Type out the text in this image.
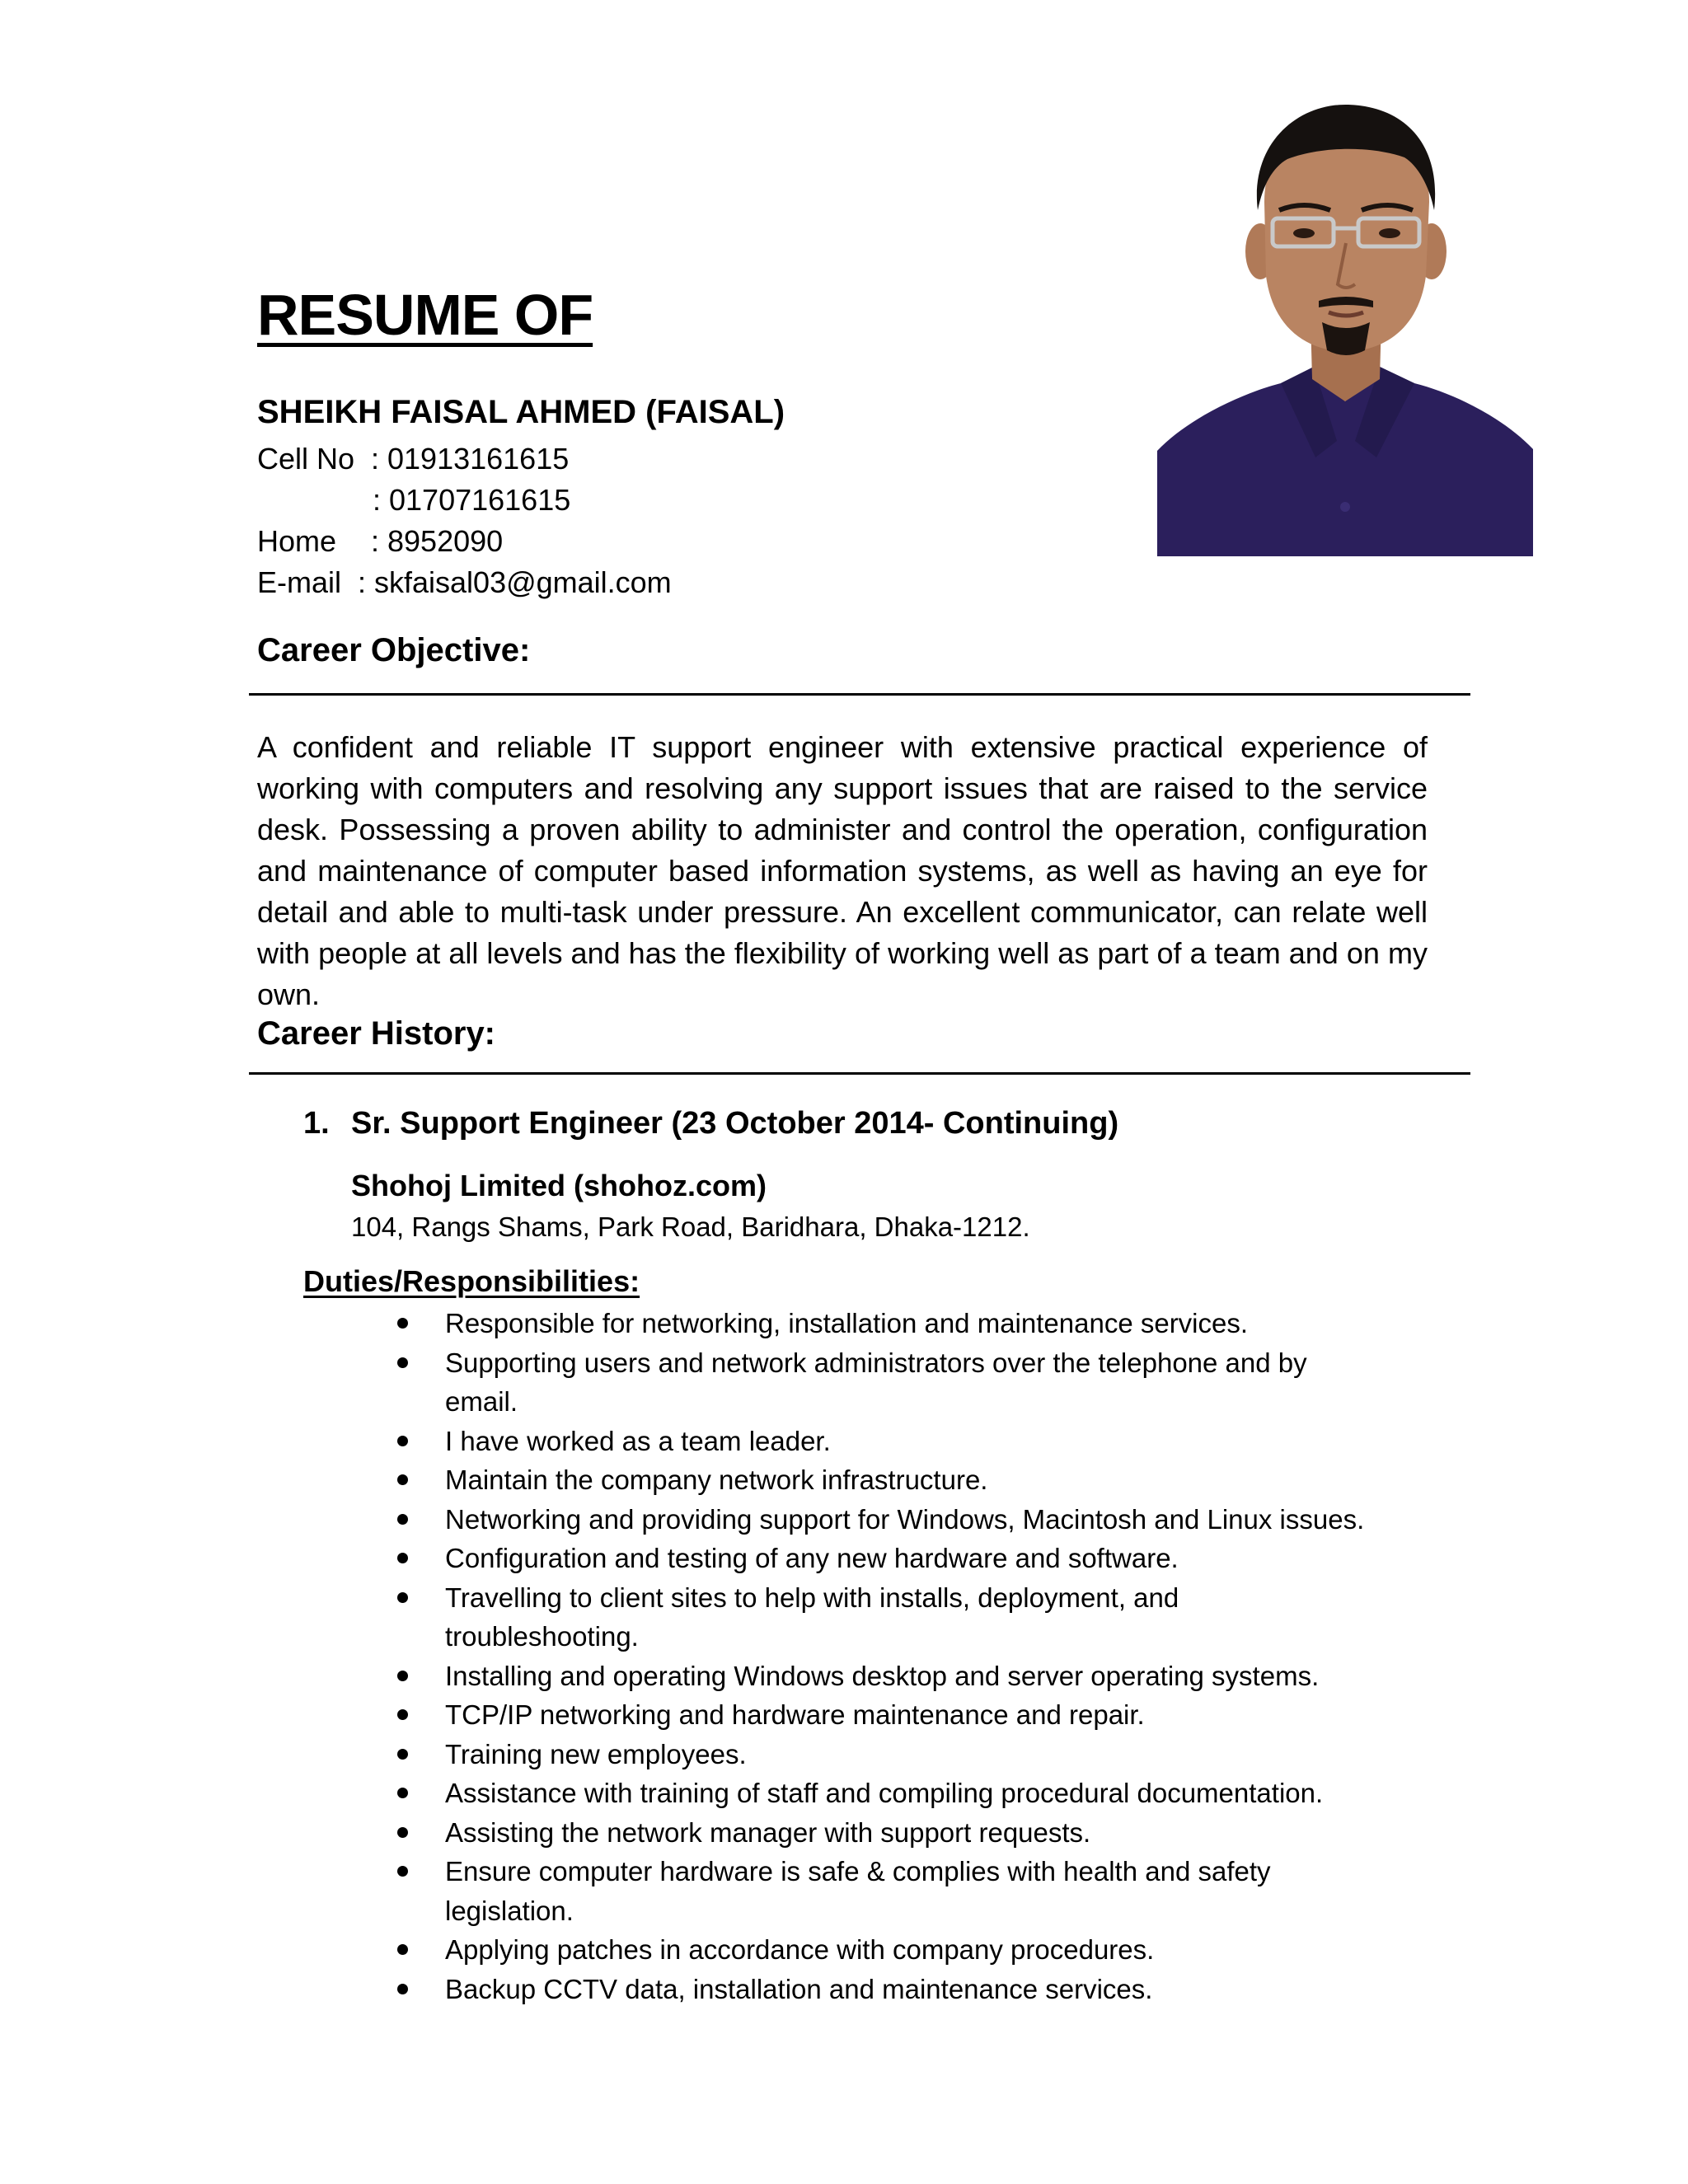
RESUME OF
SHEIKH FAISAL AHMED (FAISAL)
Cell No : 01913161615
: 01707161615
Home : 8952090
E-mail : skfaisal03@gmail.com
Career Objective:
A confident and reliable IT support engineer with extensive practical experience of working with computers and resolving any support issues that are raised to the service desk. Possessing a proven ability to administer and control the operation, configuration and maintenance of computer based information systems, as well as having an eye for detail and able to multi-task under pressure. An excellent communicator, can relate well with people at all levels and has the flexibility of working well as part of a team and on my own.
Career History:
1. Sr. Support Engineer (23 October 2014- Continuing)
Shohoj Limited (shohoz.com)
104, Rangs Shams, Park Road, Baridhara, Dhaka-1212.
Duties/Responsibilities:
Responsible for networking, installation and maintenance services.
Supporting users and network administrators over the telephone and by email.
I have worked as a team leader.
Maintain the company network infrastructure.
Networking and providing support for Windows, Macintosh and Linux issues.
Configuration and testing of any new hardware and software.
Travelling to client sites to help with installs, deployment, and troubleshooting.
Installing and operating Windows desktop and server operating systems.
TCP/IP networking and hardware maintenance and repair.
Training new employees.
Assistance with training of staff and compiling procedural documentation.
Assisting the network manager with support requests.
Ensure computer hardware is safe & complies with health and safety legislation.
Applying patches in accordance with company procedures.
Backup CCTV data, installation and maintenance services.
